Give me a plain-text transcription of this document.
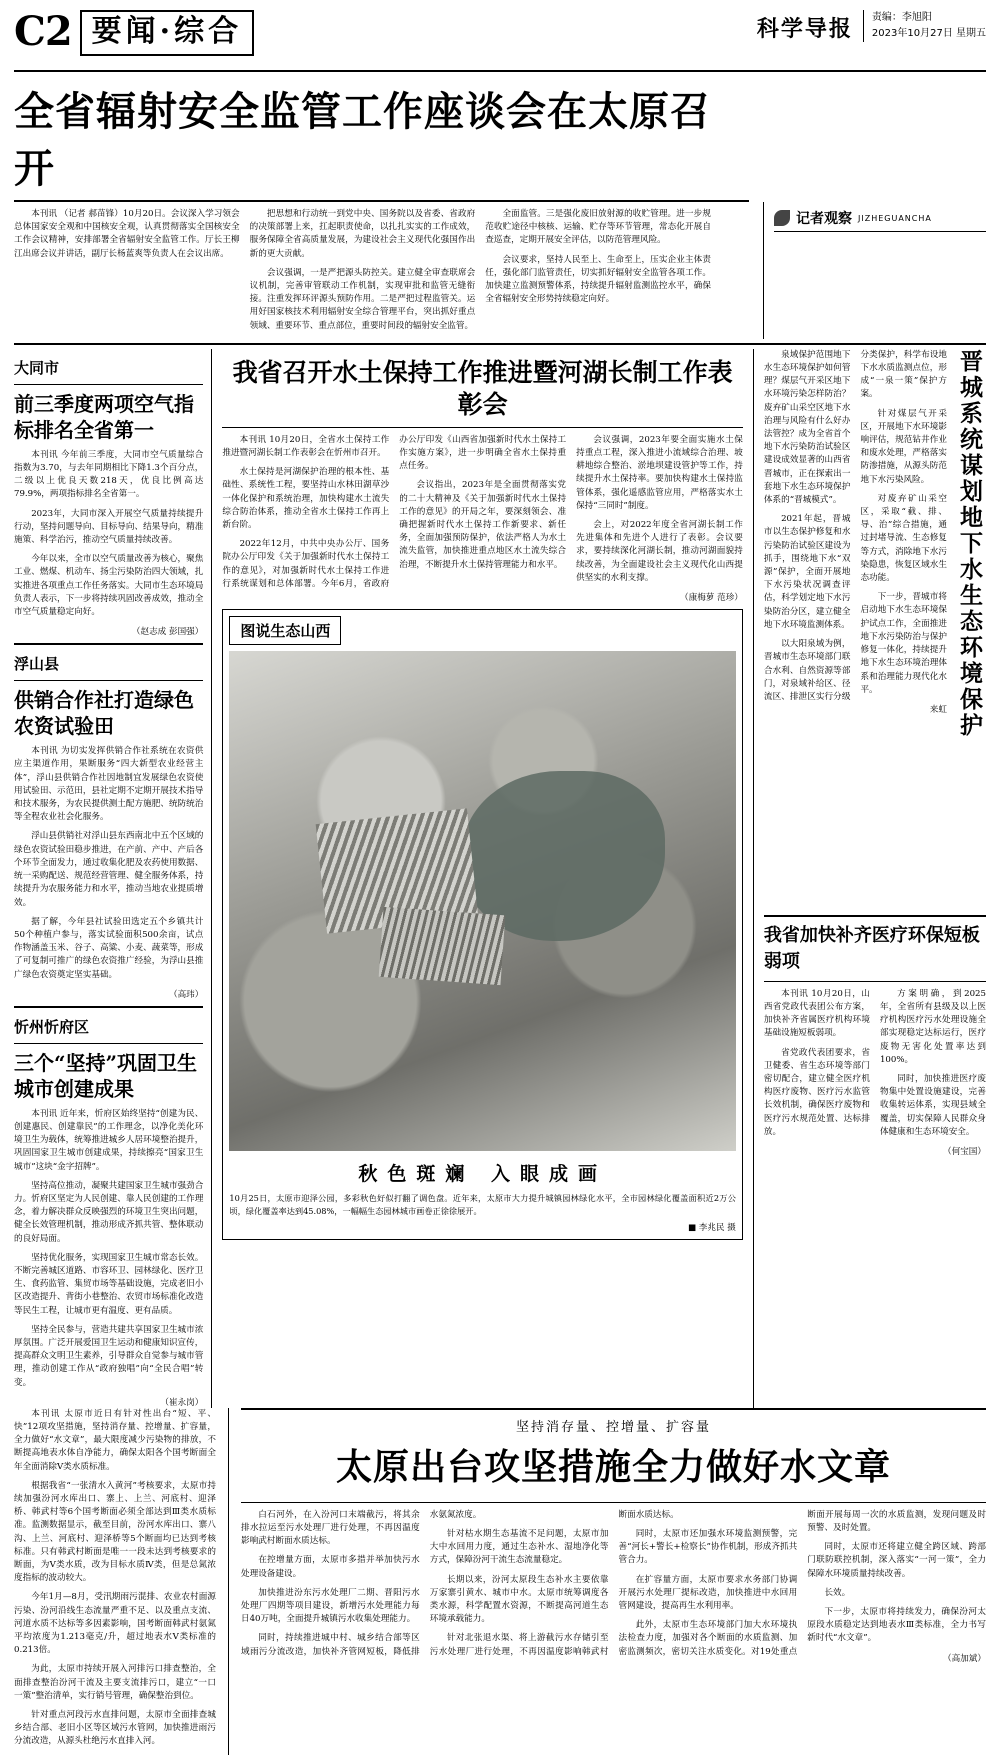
C2 要闻·综合	科学导报 责编：李旭阳
2023年10月27日 星期五
全省辐射安全监管工作座谈会在太原召开

本刊讯 （记者 郝苗锋）10月20日。会议深入学习领会总体国家安全观和中国核安全观，认真贯彻落实全国核安全工作会议精神，安排部署全省辐射安全监管工作。厅长王柳江出席会议并讲话，副厅长杨蓝爽等负责人在会议出席。

把思想和行动统一到党中央、国务院以及省委、省政府的决策部署上来，扛起职责使命，以扎扎实实的工作成效，服务保障全省高质量发展，为建设社会主义现代化强国作出新的更大贡献。

会议强调，一是严把源头防控关。建立健全审查联席会议机制，完善审管联动工作机制，实现审批和监管无缝衔接。注重发挥环评源头预防作用。二是严把过程监管关。运用好国家核技术利用辐射安全综合管理平台，突出抓好重点领域、重要环节、重点部位，重要时间段的辐射安全监管。

全面监管。三是强化废旧放射源的收贮管理。进一步规范收贮途径中核核、运输、贮存等环节管理，常态化开展自查巡查，定期开展安全评估，以防范管理风险。

会议要求，坚持人民至上、生命至上，压实企业主体责任，强化部门监管责任，切实抓好辐射安全监管各项工作。加快建立监测预警体系，持续提升辐射监测监控水平，确保全省辐射安全形势持续稳定向好。

记者观察 JIZHEGUANCHA
大同市
前三季度两项空气指标排名全省第一

本刊讯 今年前三季度，大同市空气质量综合指数为3.70，与去年同期相比下降1.3个百分点，二级以上优良天数218天，优良比例高达79.9%，两项指标排名全省第一。

2023年，大同市深入开展空气质量持续提升行动，坚持问题导向、目标导向、结果导向，精准施策、科学治污，推动空气质量持续改善。

今年以来，全市以空气质量改善为核心，聚焦工业、燃煤、机动车、扬尘污染防治四大领域，扎实推进各项重点工作任务落实。大同市生态环境局负责人表示，下一步将持续巩固改善成效，推动全市空气质量稳定向好。

（赵志成 彭国强）
浮山县
供销合作社打造绿色农资试验田

本刊讯 为切实发挥供销合作社系统在农资供应主渠道作用，果断服务“四大新型农业经营主体”，浮山县供销合作社因地制宜发展绿色农资使用试验田、示范田，县社定期不定期开展技术指导和技术服务，为农民提供测土配方施肥、统防统治等全程农业社会化服务。

浮山县供销社对浮山县东西南北中五个区域的绿色农资试验田稳步推进，在产前、产中、产后各个环节全面发力，通过收集化肥及农药使用数据、统一采购配送、规范经营管理、健全服务体系，持续提升为农服务能力和水平，推动当地农业提质增效。

据了解，今年县社试验田选定五个乡镇共计50个种植户参与，落实试验面积500余亩，试点作物涵盖玉米、谷子、高粱、小麦、蔬菜等，形成了可复制可推广的绿色农资推广经验，为浮山县推广绿色农资奠定坚实基础。

（高玮）
忻州忻府区
三个“坚持”巩固卫生城市创建成果

本刊讯 近年来，忻府区始终坚持“创建为民、创建惠民、创建靠民”的工作理念，以净化美化环境卫生为载体，统筹推进城乡人居环境整治提升，巩固国家卫生城市创建成果，持续擦亮“国家卫生城市”这块“金字招牌”。

坚持高位推动，凝聚共建国家卫生城市强劲合力。忻府区坚定为人民创建、靠人民创建的工作理念，着力解决群众反映强烈的环境卫生突出问题，健全长效管理机制，推动形成齐抓共管、整体联动的良好局面。

坚持优化服务，实现国家卫生城市常态长效。不断完善城区道路、市容环卫、园林绿化、医疗卫生、食药监管、集贸市场等基础设施，完成老旧小区改造提升、背街小巷整治、农贸市场标准化改造等民生工程，让城市更有温度、更有品质。

坚持全民参与，营造共建共享国家卫生城市浓厚氛围。广泛开展爱国卫生运动和健康知识宣传，提高群众文明卫生素养，引导群众自觉参与城市管理，推动创建工作从“政府独唱”向“全民合唱”转变。

（崔永岗）
我省召开水土保持工作推进暨河湖长制工作表彰会

本刊讯 10月20日，全省水土保持工作推进暨河湖长制工作表彰会在忻州市召开。

水土保持是河湖保护治理的根本性、基础性、系统性工程，要坚持山水林田湖草沙一体化保护和系统治理，加快构建水土流失综合防治体系，推动全省水土保持工作再上新台阶。

2022年12月，中共中央办公厅、国务院办公厅印发《关于加强新时代水土保持工作的意见》，对加强新时代水土保持工作进行系统谋划和总体部署。今年6月，省政府办公厅印发《山西省加强新时代水土保持工作实施方案》，进一步明确全省水土保持重点任务。

会议指出，2023年是全面贯彻落实党的二十大精神及《关于加强新时代水土保持工作的意见》的开局之年，要深刻领会、准确把握新时代水土保持工作新要求、新任务，全面加强预防保护，依法严格人为水土流失监管，加快推进重点地区水土流失综合治理，不断提升水土保持管理能力和水平。

会议强调，2023年要全面实施水土保持重点工程，深入推进小流域综合治理、坡耕地综合整治、淤地坝建设管护等工作，持续提升水土保持率。要加快构建水土保持监管体系，强化遥感监管应用，严格落实水土保持“三同时”制度。

会上，对2022年度全省河湖长制工作先进集体和先进个人进行了表彰。会议要求，要持续深化河湖长制，推动河湖面貌持续改善，为全面建设社会主义现代化山西提供坚实的水利支撑。

（康梅萝 范珍）
图说生态山西
秋色斑斓 入眼成画
10月25日，太原市迎泽公园，多彩秋色好似打翻了调色盘。近年来，太原市大力提升城镇园林绿化水平，全市园林绿化覆盖面积近2万公顷，绿化覆盖率达到45.08%，一幅幅生态园林城市画卷正徐徐展开。
■ 李兆民 摄

泉域保护范围地下水生态环境保护如何管理？煤层气开采区地下水环境污染怎样防治？废弃矿山采空区地下水治理与风险有什么好办法管控？成为全省首个地下水污染防治试验区建设成效显著的山西省晋城市，正在探索出一套地下水生态环境保护体系的“晋城模式”。

2021年起，晋城市以生态保护修复和水污染防治试验区建设为抓手，围绕地下水“双源”保护，全面开展地下水污染状况调查评估，科学划定地下水污染防治分区，建立健全地下水环境监测体系。

以大阳泉域为例，晋城市生态环境部门联合水利、自然资源等部门，对泉域补给区、径流区、排泄区实行分级分类保护，科学布设地下水水质监测点位，形成“一泉一策”保护方案。

针对煤层气开采区，开展地下水环境影响评估，规范钻井作业和废水处理，严格落实防渗措施，从源头防范地下水污染风险。

对废弃矿山采空区，采取“截、排、导、治”综合措施，通过封堵导流、生态修复等方式，消除地下水污染隐患，恢复区域水生态功能。

下一步，晋城市将启动地下水生态环境保护试点工作，全面推进地下水污染防治与保护修复一体化，持续提升地下水生态环境治理体系和治理能力现代化水平。

来虹 晋城系统谋划地下水生态环境保护
我省加快补齐医疗环保短板弱项

本刊讯 10月20日，山西省党政代表团公布方案，加快补齐省属医疗机构环境基础设施短板弱项。

省党政代表团要求，省卫健委、省生态环境等部门密切配合，建立健全医疗机构医疗废物、医疗污水监管长效机制，确保医疗废物和医疗污水规范处置、达标排放。

方案明确，到2025年，全省所有县级及以上医疗机构医疗污水处理设施全部实现稳定达标运行，医疗废物无害化处置率达到100%。

同时，加快推进医疗废物集中处置设施建设，完善收集转运体系，实现县域全覆盖，切实保障人民群众身体健康和生态环境安全。

（何宝国）

本刊讯 太原市近日有针对性出台“短、平、快”12项攻坚措施，坚持消存量、控增量、扩容量，全力做好“水文章”，最大限度减少污染物的排放，不断提高地表水体自净能力，确保太阳各个国考断面全年全面消除Ⅴ类水质标准。

根据我省“一张清水入黄河”考核要求，太原市持续加强汾河水库出口、寨上、上兰、河底村、迎泽桥、韩武村等6个国考断面必须全部达到Ⅲ类水质标准。监测数据显示，截至目前，汾河水库出口、寨八沟、上兰、河底村、迎泽桥等5个断面均已达到考核标准。只有韩武村断面是唯一一段未达到考核要求的断面，为Ⅴ类水质，改为目标水质Ⅳ类，但是总氮浓度指标的波动较大。

今年1月—8月，受汛期雨污混排、农业农村面源污染、汾河沿线生态流量严重不足、以及重点支流、河道水质不达标等多因素影响，国考断面韩武村氨氮平均浓度为1.213毫克/升，超过地表水Ⅴ类标准的0.213倍。

为此，太原市持续开展入河排污口排查整治，全面排查整治汾河干流及主要支流排污口，建立“一口一策”整治清单，实行销号管理，确保整治到位。

针对重点河段污水直排问题，太原市全面排查城乡结合部、老旧小区等区域污水管网，加快推进雨污分流改造，从源头杜绝污水直排入河。

坚持消存量、控增量、扩容量
太原出台攻坚措施全力做好水文章

白石河外，在入汾河口末端截污，将其余排水拉运至污水处理厂进行处理，不再因温度影响武村断面水质达标。

在控增量方面，太原市多措并举加快污水处理设备建设。

加快推进汾东污水处理厂二期、晋阳污水处理厂四期等项目建设，新增污水处理能力每日40万吨，全面提升城镇污水收集处理能力。

同时，持续推进城中村、城乡结合部等区域雨污分流改造，加快补齐管网短板，降低排水氨氮浓度。

针对枯水期生态基流不足问题，太原市加大中水回用力度，通过生态补水、湿地净化等方式，保障汾河干流生态流量稳定。

长期以来，汾河太原段生态补水主要依靠万家寨引黄水、城市中水。太原市统筹调度各类水源，科学配置水资源，不断提高河道生态环境承载能力。

针对北张退水渠、将上游截污水存储引至污水处理厂进行处理，不再因温度影响韩武村断面水质达标。

同时，太原市还加强水环境监测预警，完善“河长+警长+检察长”协作机制，形成齐抓共管合力。

在扩容量方面，太原市要求水务部门协调开展污水处理厂提标改造，加快推进中水回用管网建设，提高再生水利用率。

此外，太原市生态环境部门加大水环境执法检查力度，加强对各个断面的水质监测、加密监测频次，密切关注水质变化。对19处重点断面开展每周一次的水质监测，发现问题及时预警、及时处置。

同时，太原市还将建立健全跨区域、跨部门联防联控机制，深入落实“一河一策”，全力保障水环境质量持续改善。

长效。

下一步，太原市将持续发力，确保汾河太原段水质稳定达到地表水Ⅲ类标准，全力书写新时代“水文章”。

（高加斌）
